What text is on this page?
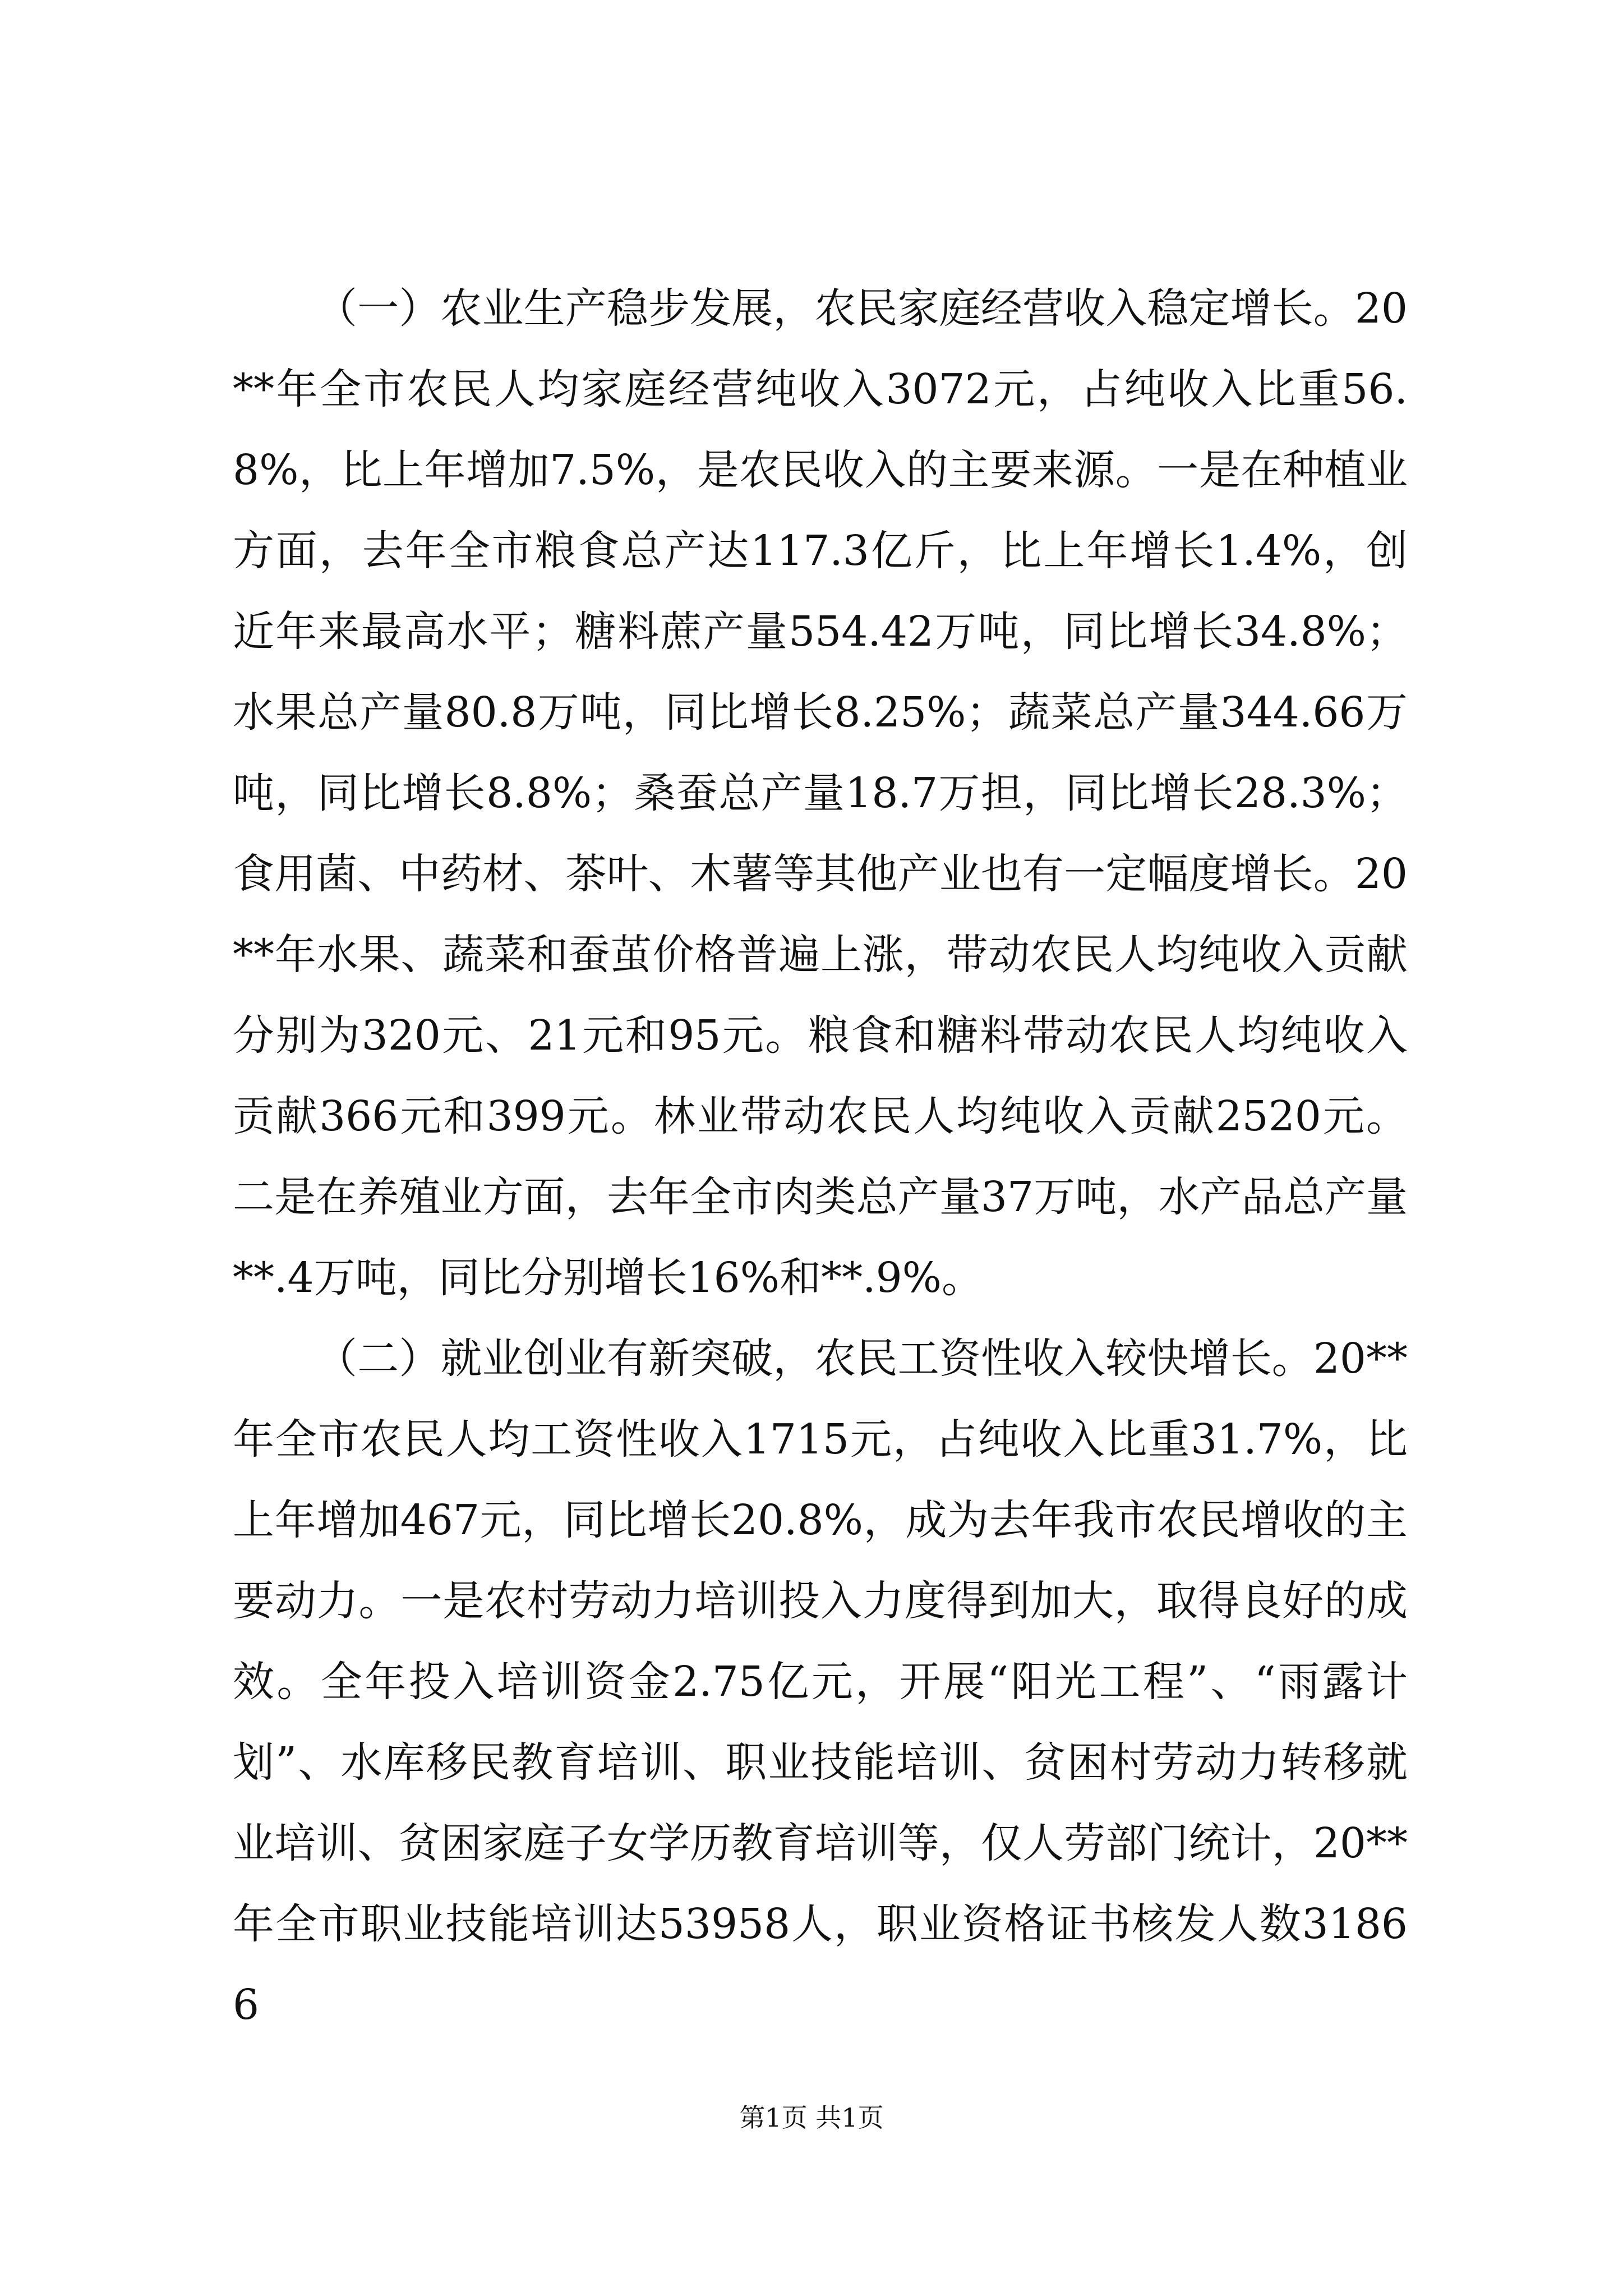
（一）农业生产稳步发展，农民家庭经营收入稳定增长。20**年全市农民人均家庭经营纯收入3072元，占纯收入比重56.8%，比上年增加7.5%，是农民收入的主要来源。一是在种植业方面，去年全市粮食总产达117.3亿斤，比上年增长1.4%，创近年来最高水平；糖料蔗产量554.42万吨，同比增长34.8%；水果总产量80.8万吨，同比增长8.25%；蔬菜总产量344.66万吨，同比增长8.8%；桑蚕总产量18.7万担，同比增长28.3%；食用菌、中药材、茶叶、木薯等其他产业也有一定幅度增长。20**年水果、蔬菜和蚕茧价格普遍上涨，带动农民人均纯收入贡献分别为320元、21元和95元。粮食和糖料带动农民人均纯收入贡献366元和399元。林业带动农民人均纯收入贡献2520元。二是在养殖业方面，去年全市肉类总产量37万吨，水产品总产量**.4万吨，同比分别增长16%和**.9%。

（二）就业创业有新突破，农民工资性收入较快增长。20**年全市农民人均工资性收入1715元，占纯收入比重31.7%，比上年增加467元，同比增长20.8%，成为去年我市农民增收的主要动力。一是农村劳动力培训投入力度得到加大，取得良好的成效。全年投入培训资金2.75亿元，开展“阳光工程”、“雨露计划”、水库移民教育培训、职业技能培训、贫困村劳动力转移就业培训、贫困家庭子女学历教育培训等，仅人劳部门统计，20**年全市职业技能培训达53958人，职业资格证书核发人数31866

第1页 共1页
